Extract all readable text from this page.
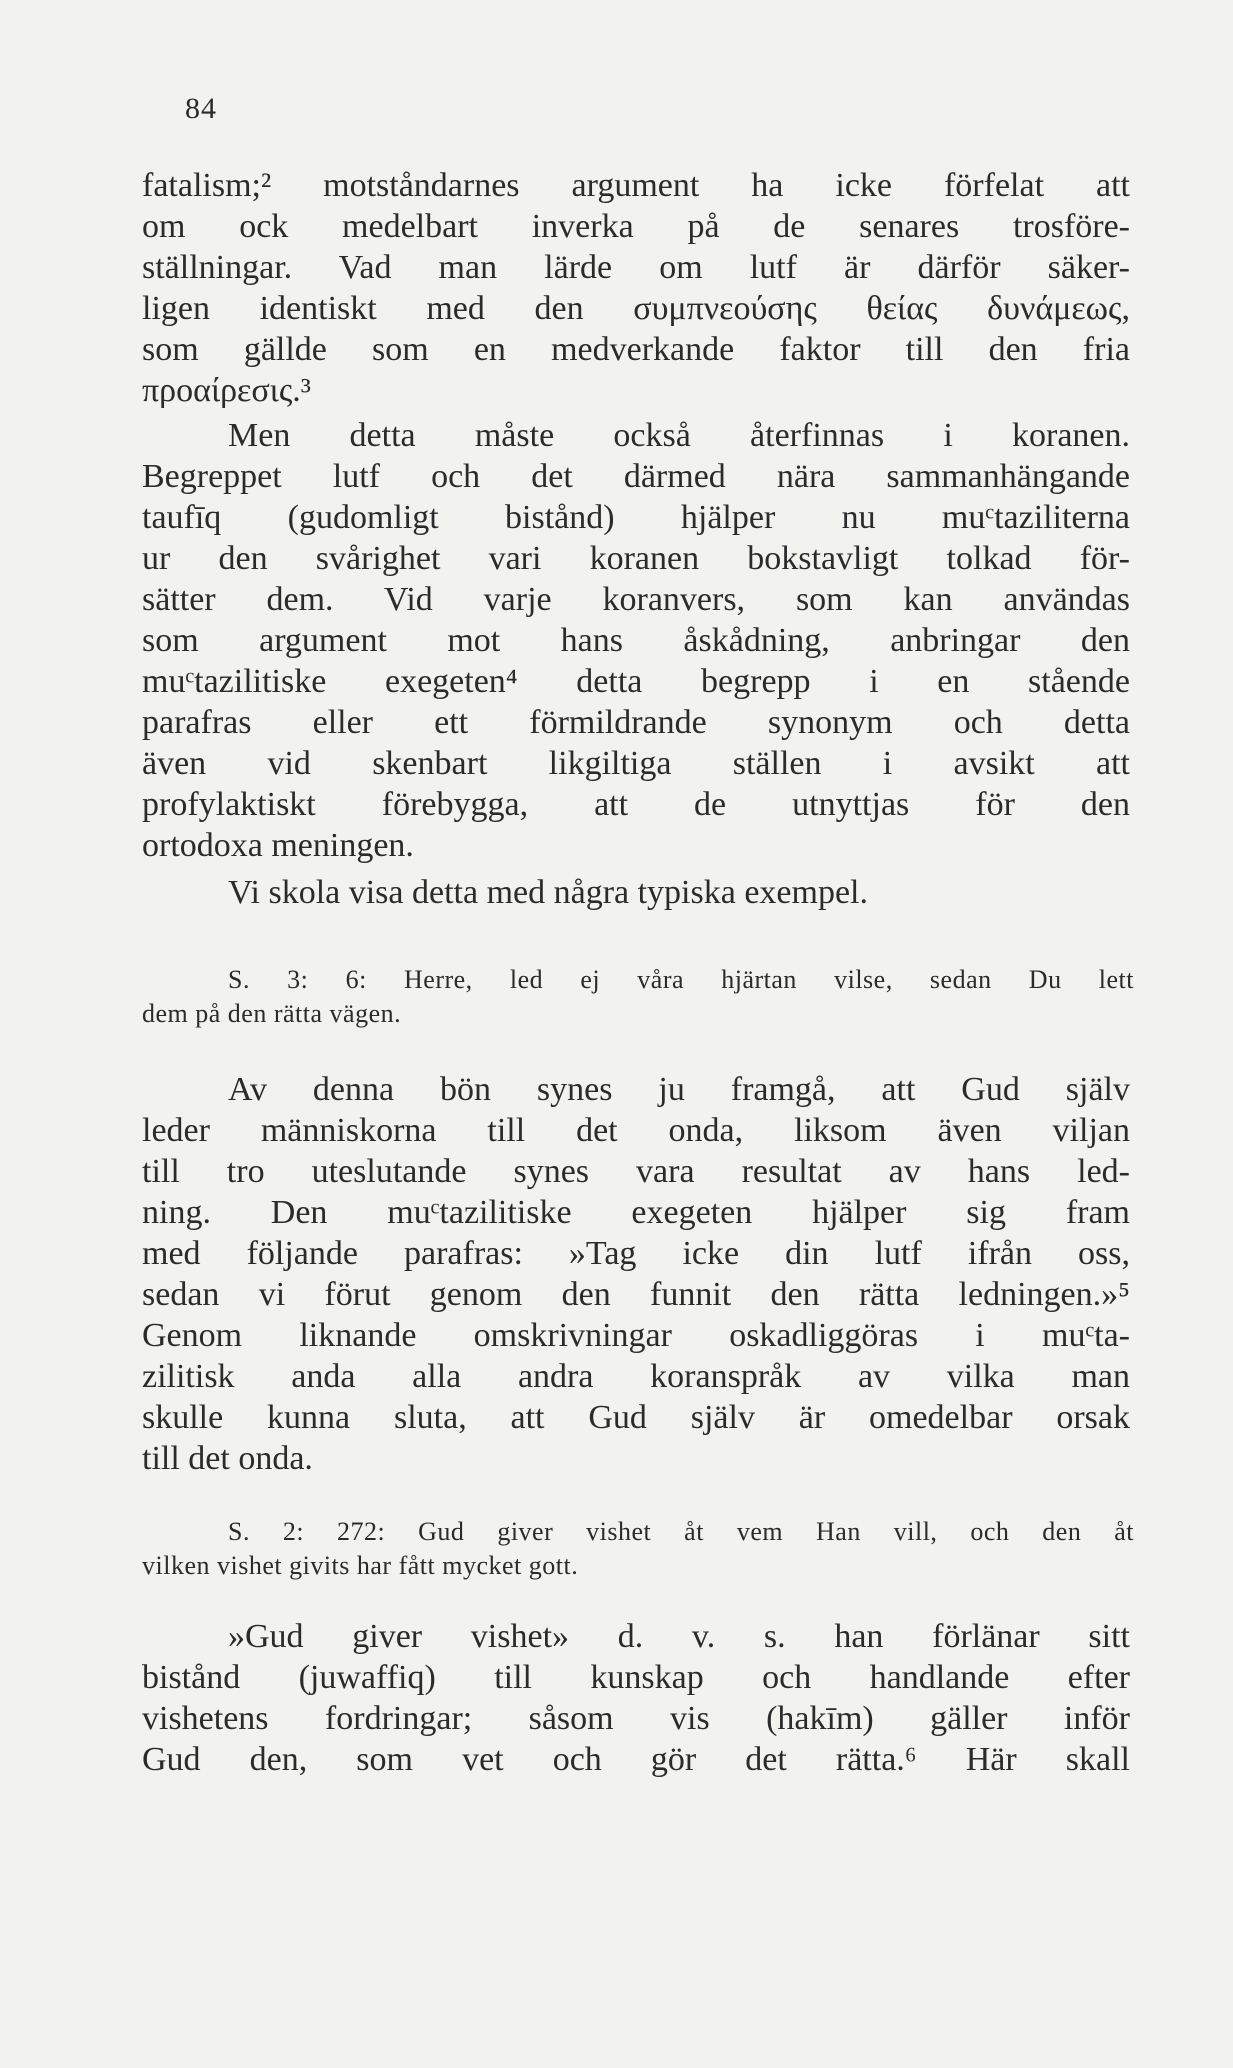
84
fatalism;² motståndarnes argument ha icke förfelat att
om ock medelbart inverka på de senares trosföre-
ställningar. Vad man lärde om lutf är därför säker-
ligen identiskt med den συμπνεούσης θείας δυνάμεως,
som gällde som en medverkande faktor till den fria
προαίρεσις.³
Men detta måste också återfinnas i koranen.
Begreppet lutf och det därmed nära sammanhängande
taufīq (gudomligt bistånd) hjälper nu muᶜtaziliterna
ur den svårighet vari koranen bokstavligt tolkad för-
sätter dem. Vid varje koranvers, som kan användas
som argument mot hans åskådning, anbringar den
muᶜtazilitiske exegeten⁴ detta begrepp i en stående
parafras eller ett förmildrande synonym och detta
även vid skenbart likgiltiga ställen i avsikt att
profylaktiskt förebygga, att de utnyttjas för den
ortodoxa meningen.
Vi skola visa detta med några typiska exempel.
S. 3: 6: Herre, led ej våra hjärtan vilse, sedan Du lett
dem på den rätta vägen.
Av denna bön synes ju framgå, att Gud själv
leder människorna till det onda, liksom även viljan
till tro uteslutande synes vara resultat av hans led-
ning. Den muᶜtazilitiske exegeten hjälper sig fram
med följande parafras: »Tag icke din lutf ifrån oss,
sedan vi förut genom den funnit den rätta ledningen.»⁵
Genom liknande omskrivningar oskadliggöras i muᶜta-
zilitisk anda alla andra koranspråk av vilka man
skulle kunna sluta, att Gud själv är omedelbar orsak
till det onda.
S. 2: 272: Gud giver vishet åt vem Han vill, och den åt
vilken vishet givits har fått mycket gott.
»Gud giver vishet» d. v. s. han förlänar sitt
bistånd (juwaffiq) till kunskap och handlande efter
vishetens fordringar; såsom vis (hakīm) gäller inför
Gud den, som vet och gör det rätta.⁶ Här skall
